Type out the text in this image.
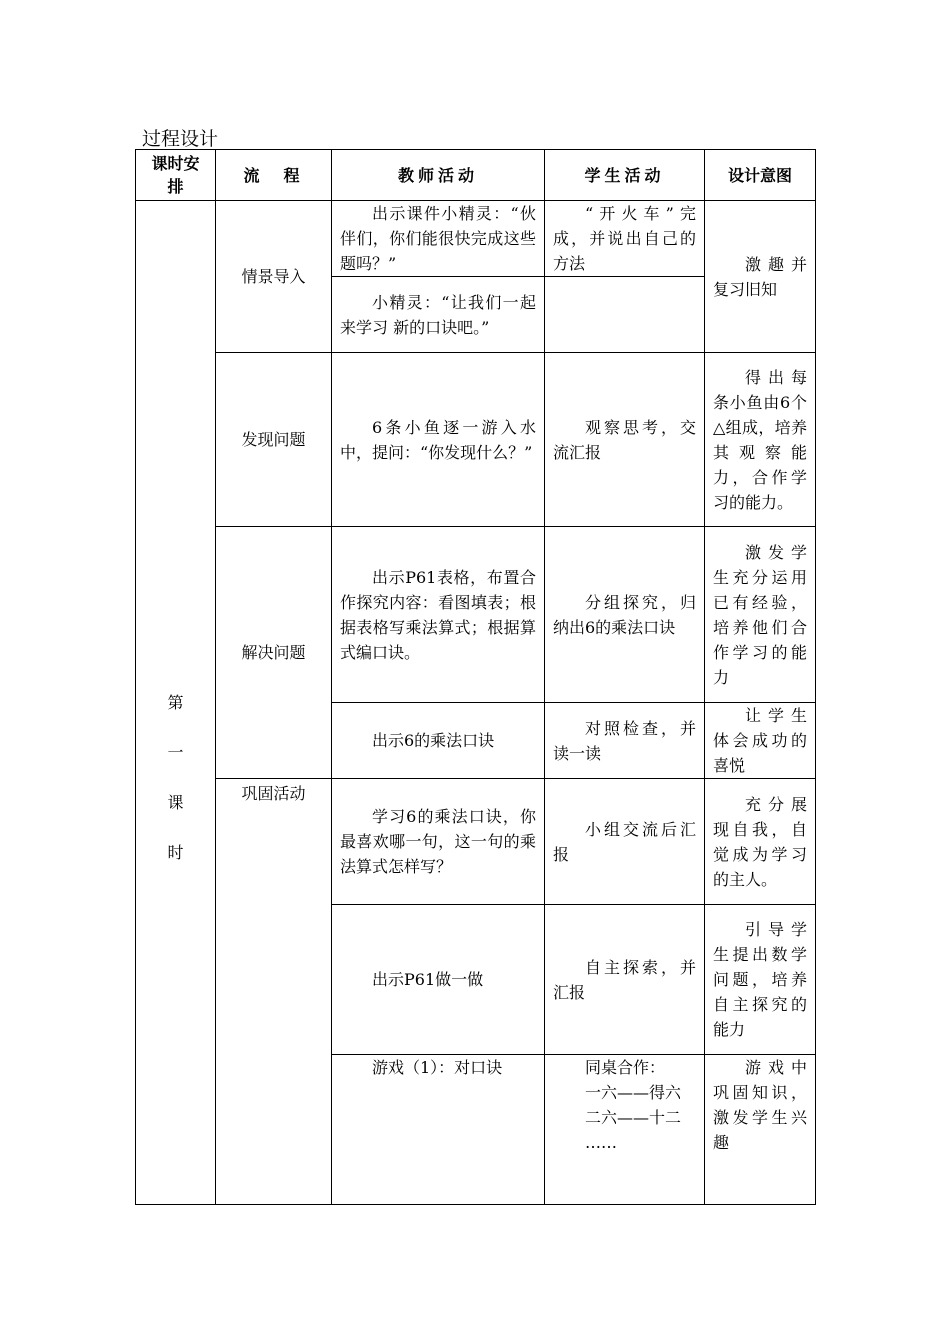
过程设计
课时安排	流　程	教师活动	学生活动	设计意图

第
一
课
时	情景导入	出示课件小精灵：“伙伴们，你们能很快完成这些题吗？”	“开火车”完成，并说出自己的方法	激趣并复习旧知
		小精灵：“让我们一起来学习 新的口诀吧。”		
	发现问题	6条小鱼逐一游入水中，提问：“你发现什么？”	观察思考，交流汇报	得出每条小鱼由6个△组成，培养其观察能力，合作学习的能力。
	解决问题	出示P61表格，布置合作探究内容：看图填表；根据表格写乘法算式；根据算式编口诀。	分组探究，归纳出6的乘法口诀	激发学生充分运用已有经验，培养他们合作学习的能力
		出示6的乘法口诀	对照检查，并读一读	让学生体会成功的喜悦
	巩固活动	学习6的乘法口诀，你最喜欢哪一句，这一句的乘法算式怎样写？	小组交流后汇报	充分展现自我，自觉成为学习的主人。
		出示P61做一做	自主探索，并汇报	引导学生提出数学问题，培养自主探究的能力
		游戏（1）：对口诀	同桌合作：
一六——得六
二六——十二
……	游戏中巩固知识，激发学生兴趣
